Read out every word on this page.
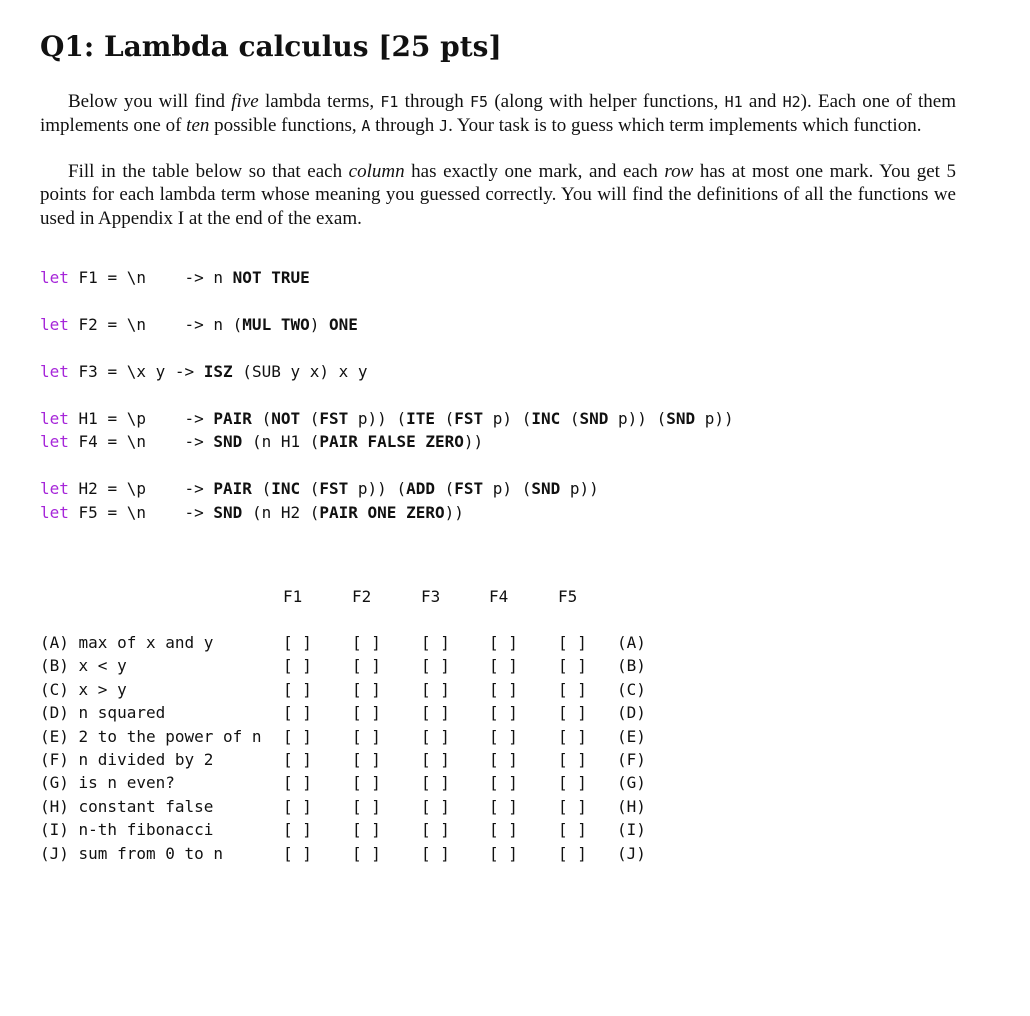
Q1: Lambda calculus [25 pts]

Below you will find five lambda terms, F1 through F5 (along with helper functions, H1 and H2). Each one of them implements one of ten possible functions, A through J. Your task is to guess which term implements which function.

Fill in the table below so that each column has exactly one mark, and each row has at most one mark. You get 5 points for each lambda term whose meaning you guessed correctly. You will find the definitions of all the functions we used in Appendix I at the end of the exam.

let F1 = \n    -> n NOT TRUE
let F2 = \n    -> n (MUL TWO) ONE
let F3 = \x y -> ISZ (SUB y x) x y
let H1 = \p    -> PAIR (NOT (FST p)) (ITE (FST p) (INC (SND p)) (SND p))
let F4 = \n    -> SND (n H1 (PAIR FALSE ZERO))
let H2 = \p    -> PAIR (INC (FST p)) (ADD (FST p) (SND p))
let F5 = \n    -> SND (n H2 (PAIR ONE ZERO))
F1	F2	F3	F4	F5
(A) max of x and y	[ ]	[ ]	[ ] [ ]	[ ] (A)
(B) x < y	[ ]	[ ]	[ ] [ ]	[ ] (B)
(C) x > y	[ ]	[ ]	[ ] [ ]	[ ] (C)
(D) n squared	[ ]	[ ]	[ ] [ ]	[ ] (D)
(E) 2 to the power of n [ ]	[ ]	[ ] [ ]	[ ] (E)
(F) n divided by 2	[ ]	[ ]	[ ] [ ]	[ ] (F)
(G) is n even?	[ ]	[ ]	[ ] [ ]	[ ] (G)
(H) constant false	[ ]	[ ]	[ ] [ ]	[ ] (H)
(I) n-th fibonacci	[ ]	[ ]	[ ] [ ]	[ ] (I)
(J) sum from 0 to n	[ ]	[ ]	[ ] [ ]	[ ] (J)
